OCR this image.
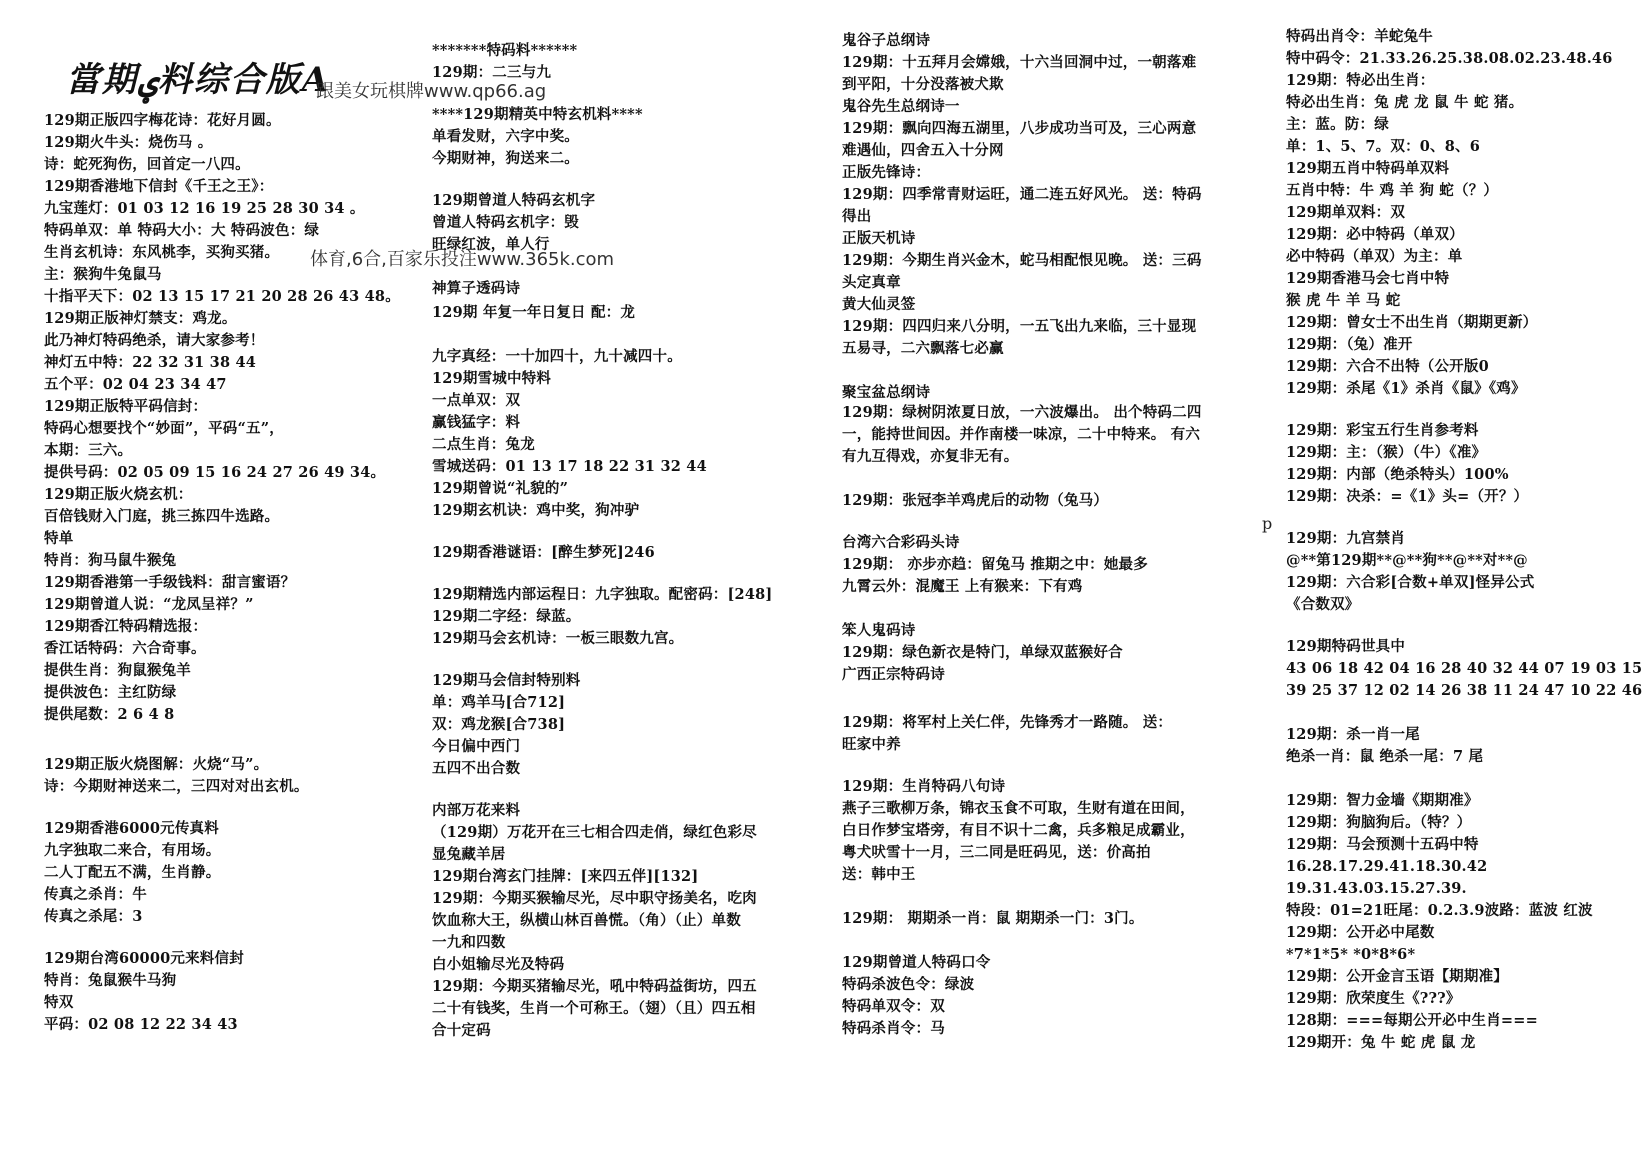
當期ؠ料综合版A
跟美女玩棋牌www.qp66.ag
体育,6合,百家乐投注www.365k.com
p
129期正版四字梅花诗：花好月圆。
129期火牛头：烧伤马 。
诗：蛇死狗伤，回首定一八四。
129期香港地下信封《千王之王》：
九宝莲灯：01 03 12 16 19 25 28 30 34 。
特码单双：单 特码大小：大 特码波色：绿
生肖玄机诗：东风桃李，买狗买猪。
主：猴狗牛兔鼠马
十指平天下：02 13 15 17 21 20 28 26 43 48。
129期正版神灯禁支：鸡龙。
此乃神灯特码绝杀，请大家参考！
神灯五中特：22 32 31 38 44
五个平：02 04 23 34 47
129期正版特平码信封：
特码心想要找个“妙面”，平码“五”，
本期：三六。
提供号码：02 05 09 15 16 24 27 26 49 34。
129期正版火烧玄机：
百倍钱财入门庭，挑三拣四牛选路。
特单
特肖：狗马鼠牛猴兔
129期香港第一手级钱料：甜言蜜语？
129期曾道人说：“龙凤呈祥？”
129期香江特码精选报：
香江话特码：六合奇事。
提供生肖：狗鼠猴兔羊
提供波色：主红防绿
提供尾数：2 6 4 8
129期正版火烧图解：火烧“马”。
诗：今期财神送来二，三四对对出玄机。
129期香港6000元传真料
九字独取二来合，有用场。
二人丁配五不满，生肖静。
传真之杀肖：牛
传真之杀尾：3
129期台湾60000元来料信封
特肖：兔鼠猴牛马狗
特双
平码：02 08 12 22 34 43
*******特码料******
129期：二三与九
****129期精英中特玄机料****
单看发财，六字中奖。
今期财神，狗送来二。
129期曾道人特码玄机字
曾道人特码玄机字：毁
旺绿红波，单人行
神算子透码诗
129期 年复一年日复日 配：龙
九字真经：一十加四十，九十减四十。
129期雪城中特料
一点单双：双
赢钱猛字：料
二点生肖：兔龙
雪城送码：01 13 17 18 22 31 32 44
129期曾说“礼貌的”
129期玄机诀：鸡中奖，狗冲驴
129期香港谜语：[醉生梦死]246
129期精选内部运程日：九字独取。配密码：[248]
129期二字经：绿蓝。
129期马会玄机诗：一板三眼数九宫。
129期马会信封特别料
单：鸡羊马[合712]
双：鸡龙猴[合738]
今日偏中西门
五四不出合数
内部万花来料
（129期）万花开在三七相合四走俏，绿红色彩尽
显兔藏羊居
129期台湾玄门挂牌：[来四五伴][132]
129期：今期买猴输尽光，尽中职守扬美名，吃肉
饮血称大王，纵横山林百兽慌。（角）（止）单数
一九和四数
白小姐输尽光及特码
129期：今期买猪输尽光，吼中特码益街坊，四五
二十有钱奖，生肖一个可称王。（翅）（且）四五相
合十定码
鬼谷子总纲诗
129期：十五拜月会嫦娥，十六当回洞中过，一朝落难
到平阳，十分没落被犬欺
鬼谷先生总纲诗一
129期：飘向四海五湖里，八步成功当可及，三心两意
难遇仙，四舍五入十分网
正版先锋诗：
129期：四季常青财运旺，通二连五好风光。 送：特码
得出
正版天机诗
129期：今期生肖兴金木，蛇马相配恨见晚。 送：三码
头定真章
黄大仙灵签
129期：四四归来八分明，一五飞出九来临，三十显现
五易寻，二六飘落七必赢
聚宝盆总纲诗
129期：绿树阴浓夏日放，一六波爆出。 出个特码二四
一，能持世间因。并作南楼一味凉，二十中特来。 有六
有九互得戏，亦复非无有。
129期：张冠李羊鸡虎后的动物（兔马）
台湾六合彩码头诗
129期： 亦步亦趋：留兔马 推期之中：她最多
九霄云外：混魔王 上有猴来：下有鸡
笨人鬼码诗
129期：绿色新衣是特门，单绿双蓝猴好合
广西正宗特码诗
129期：将军村上关仁伴，先锋秀才一路随。 送：
旺家中养
129期：生肖特码八句诗
燕子三歌柳万条，锦衣玉食不可取，生财有道在田间，
白日作梦宝塔旁，有目不识十二禽，兵多粮足成霸业，
粤犬吠雪十一月，三二同是旺码见，送：价高拍
送：韩中王
129期： 期期杀一肖：鼠 期期杀一门：3门。
129期曾道人特码口令
特码杀波色令：绿波
特码单双令：双
特码杀肖令：马
特码出肖令：羊蛇兔牛
特中码令：21.33.26.25.38.08.02.23.48.46
129期：特必出生肖：
特必出生肖：兔 虎 龙 鼠 牛 蛇 猪。
主：蓝。防：绿
单：1、5、7。双：0、8、6
129期五肖中特码单双料
五肖中特：牛 鸡 羊 狗 蛇（？）
129期单双料：双
129期：必中特码（单双）
必中特码（单双）为主：单
129期香港马会七肖中特
猴 虎 牛 羊 马 蛇
129期：曾女士不出生肖（期期更新）
129期：（兔）准开
129期：六合不出特（公开版0
129期：杀尾《1》杀肖《鼠》《鸡》
129期：彩宝五行生肖参考料
129期：主：（猴）（牛）《准》
129期：内部（绝杀特头）100%
129期：决杀：=《1》头=（开？）
129期：九宫禁肖
@**第129期**@**狗**@**对**@
129期：六合彩[合数+单双]怪异公式
《合数双》
129期特码世具中
43 06 18 42 04 16 28 40 32 44 07 19 03 15
39 25 37 12 02 14 26 38 11 24 47 10 22 46
129期：杀一肖一尾
绝杀一肖：鼠 绝杀一尾：7 尾
129期：智力金墙《期期准》
129期：狗脑狗后。（特？）
129期：马会预测十五码中特
16.28.17.29.41.18.30.42
19.31.43.03.15.27.39.
特段：01=21旺尾：0.2.3.9波路：蓝波 红波
129期：公开必中尾数
*7*1*5* *0*8*6*
129期：公开金言玉语【期期准】
129期：欣荣度生《???》
128期：===每期公开必中生肖===
129期开：兔 牛 蛇 虎 鼠 龙
